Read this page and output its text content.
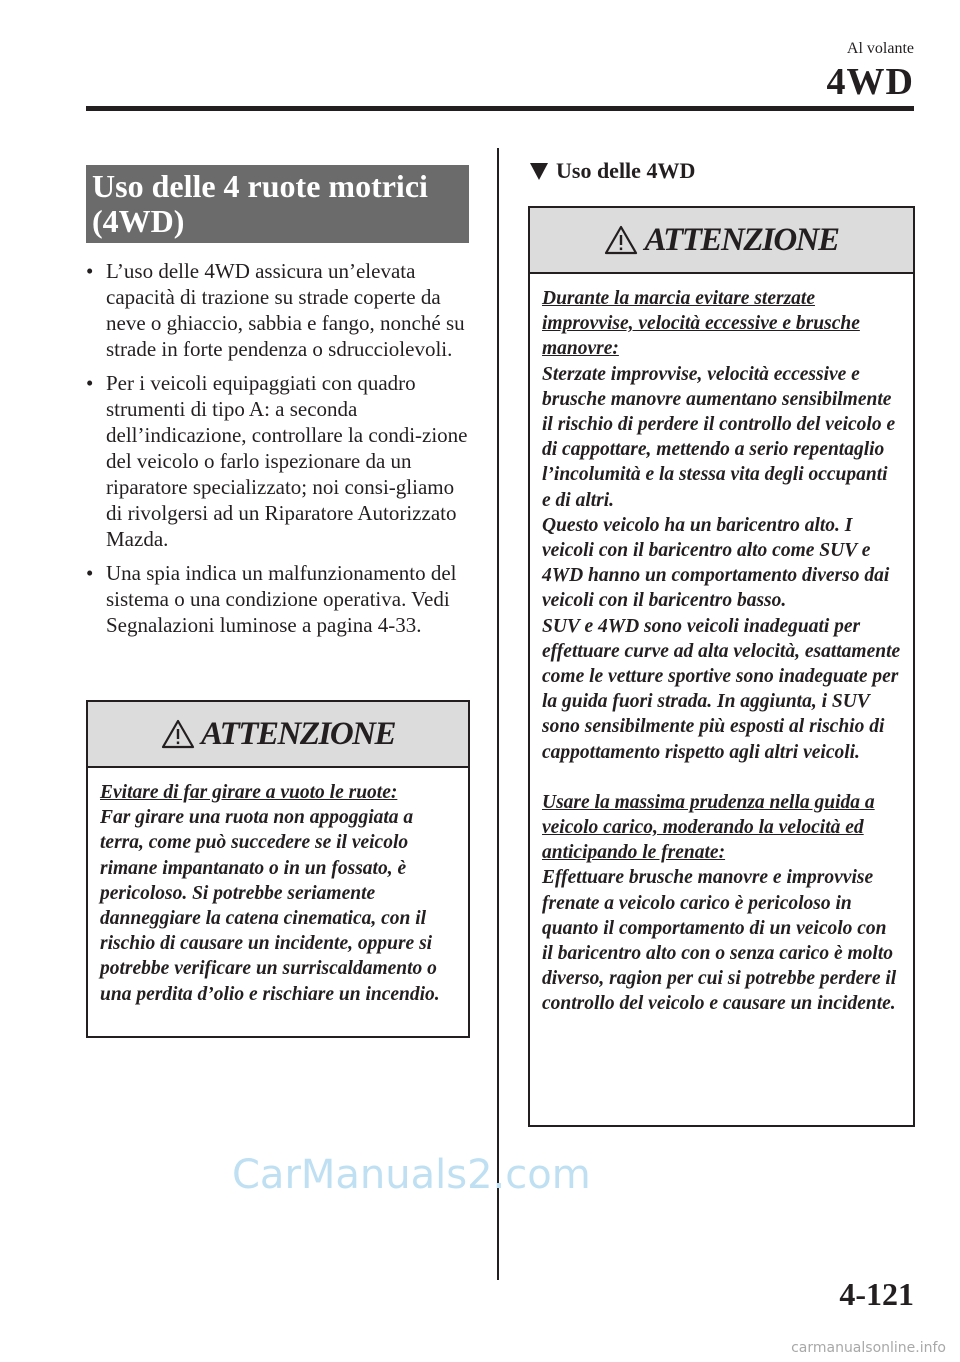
Al volante
4WD
Uso delle 4 ruote motrici
(4WD)
• L’uso delle 4WD assicura un’elevata capacità di trazione su strade coperte da neve o ghiaccio, sabbia e fango, nonché su strade in forte pendenza o sdrucciolevoli.
• Per i veicoli equipaggiati con quadro strumenti di tipo A: a seconda dell’indicazione, controllare la condi-zione del veicolo o farlo ispezionare da un riparatore specializzato; noi consi-gliamo di rivolgersi ad un Riparatore Autorizzato Mazda.
• Una spia indica un malfunzionamento del sistema o una condizione operativa. Vedi Segnalazioni luminose a pagina 4-33.
ATTENZIONE

Evitare di far girare a vuoto le ruote:

Far girare una ruota non appoggiata a terra, come può succedere se il veicolo rimane impantanato o in un fossato, è pericoloso. Si potrebbe seriamente danneggiare la catena cinematica, con il rischio di causare un incidente, oppure si potrebbe verificare un surriscaldamento o una perdita d’olio e rischiare un incendio.

Uso delle 4WD
ATTENZIONE

Durante la marcia evitare sterzate improvvise, velocità eccessive e brusche manovre:

Sterzate improvvise, velocità eccessive e brusche manovre aumentano sensibilmente il rischio di perdere il controllo del veicolo e di cappottare, mettendo a serio repentaglio l’incolumità e la stessa vita degli occupanti e di altri.

Questo veicolo ha un baricentro alto. I veicoli con il baricentro alto come SUV e 4WD hanno un comportamento diverso dai veicoli con il baricentro basso.

SUV e 4WD sono veicoli inadeguati per effettuare curve ad alta velocità, esattamente come le vetture sportive sono inadeguate per la guida fuori strada. In aggiunta, i SUV sono sensibilmente più esposti al rischio di cappottamento rispetto agli altri veicoli.

Usare la massima prudenza nella guida a veicolo carico, moderando la velocità ed anticipando le frenate:

Effettuare brusche manovre e improvvise frenate a veicolo carico è pericoloso in quanto il comportamento di un veicolo con il baricentro alto con o senza carico è molto diverso, ragion per cui si potrebbe perdere il controllo del veicolo e causare un incidente.

CarManuals2.com
4-121
carmanualsonline.info
